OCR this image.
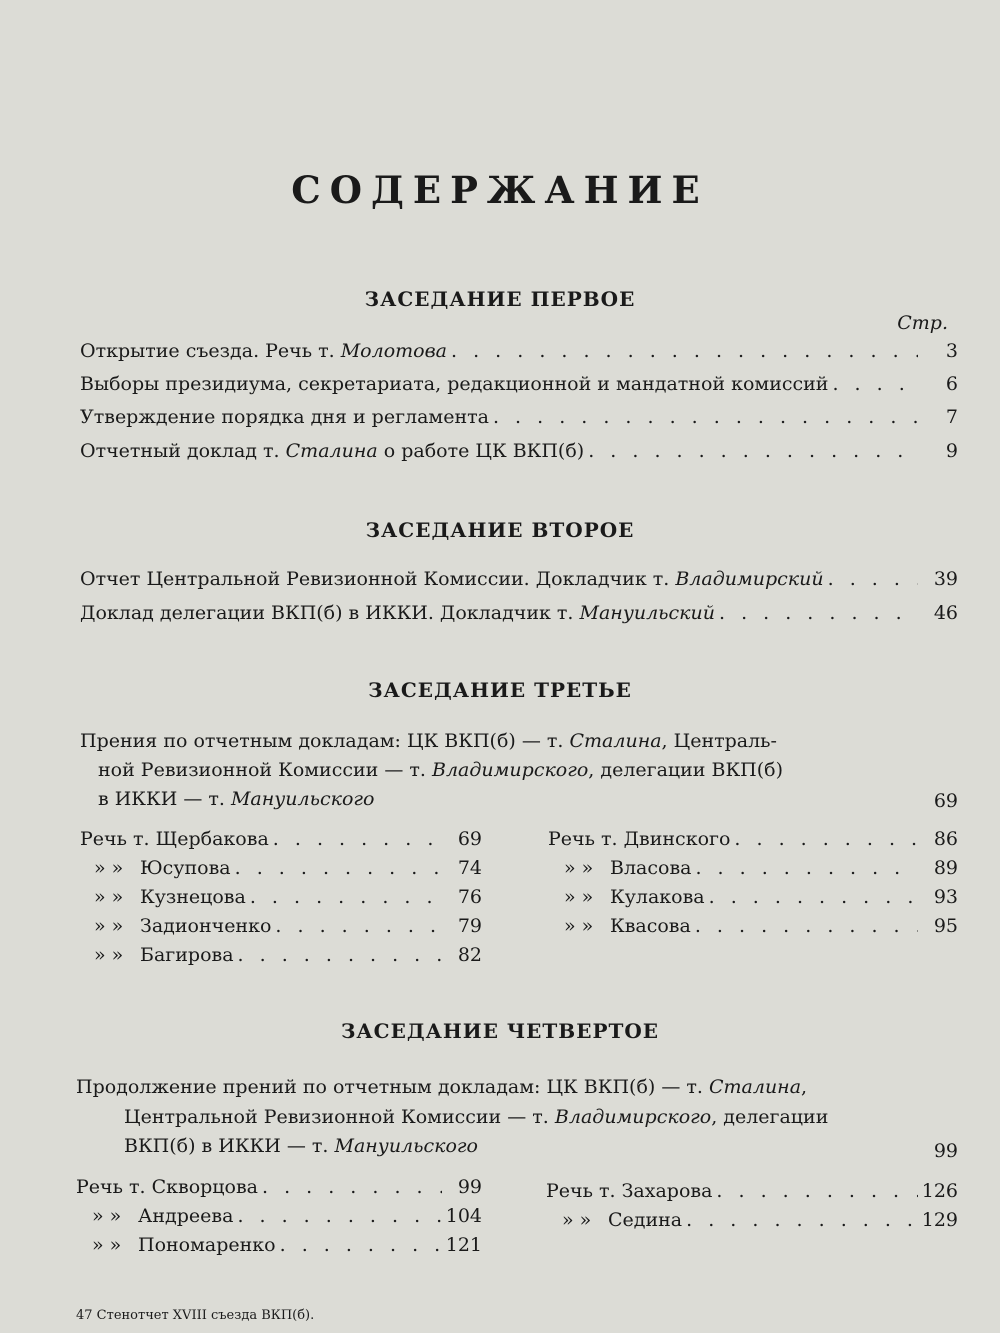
СОДЕРЖАНИЕ
ЗАСЕДАНИЕ ПЕРВОЕ
Стр.
Открытие съезда. Речь т. Молотова . . .	3
Выборы президиума, секретариата, редакционной и мандатной комиссий . . .	6
Утверждение порядка дня и регламента . . .	7
Отчетный доклад т. Сталина о работе ЦК ВКП(б) . . .	9
ЗАСЕДАНИЕ ВТОРОЕ
Отчет Центральной Ревизионной Комиссии. Докладчик т. Владимирский . . .	39
Доклад делегации ВКП(б) в ИККИ. Докладчик т. Мануильский . . .	46
ЗАСЕДАНИЕ ТРЕТЬЕ
Прения по отчетным докладам: ЦК ВКП(б) — т. Сталина, Централь-
ной Ревизионной Комиссии — т. Владимирского, делегации ВКП(б)
в ИККИ — т. Мануильского	69
Речь т. Щербакова . . .	69
» » Юсупова . . .	74
» » Кузнецова . . .	76
» » Задионченко . . .	79
» » Багирова . . .	82
Речь т. Двинского . . .	86
» » Власова . . .	89
» » Кулакова . . .	93
» » Квасова . . .	95
ЗАСЕДАНИЕ ЧЕТВЕРТОЕ
Продолжение прений по отчетным докладам: ЦК ВКП(б) — т. Сталина,
Центральной Ревизионной Комиссии — т. Владимирского, делегации
ВКП(б) в ИККИ — т. Мануильского	99
Речь т. Скворцова . . .	99
» » Андреева . . .	104
» » Пономаренко . . .	121
Речь т. Захарова . . .	126
» » Седина . . .	129
47 Стенотчет XVIII съезда ВКП(б).
